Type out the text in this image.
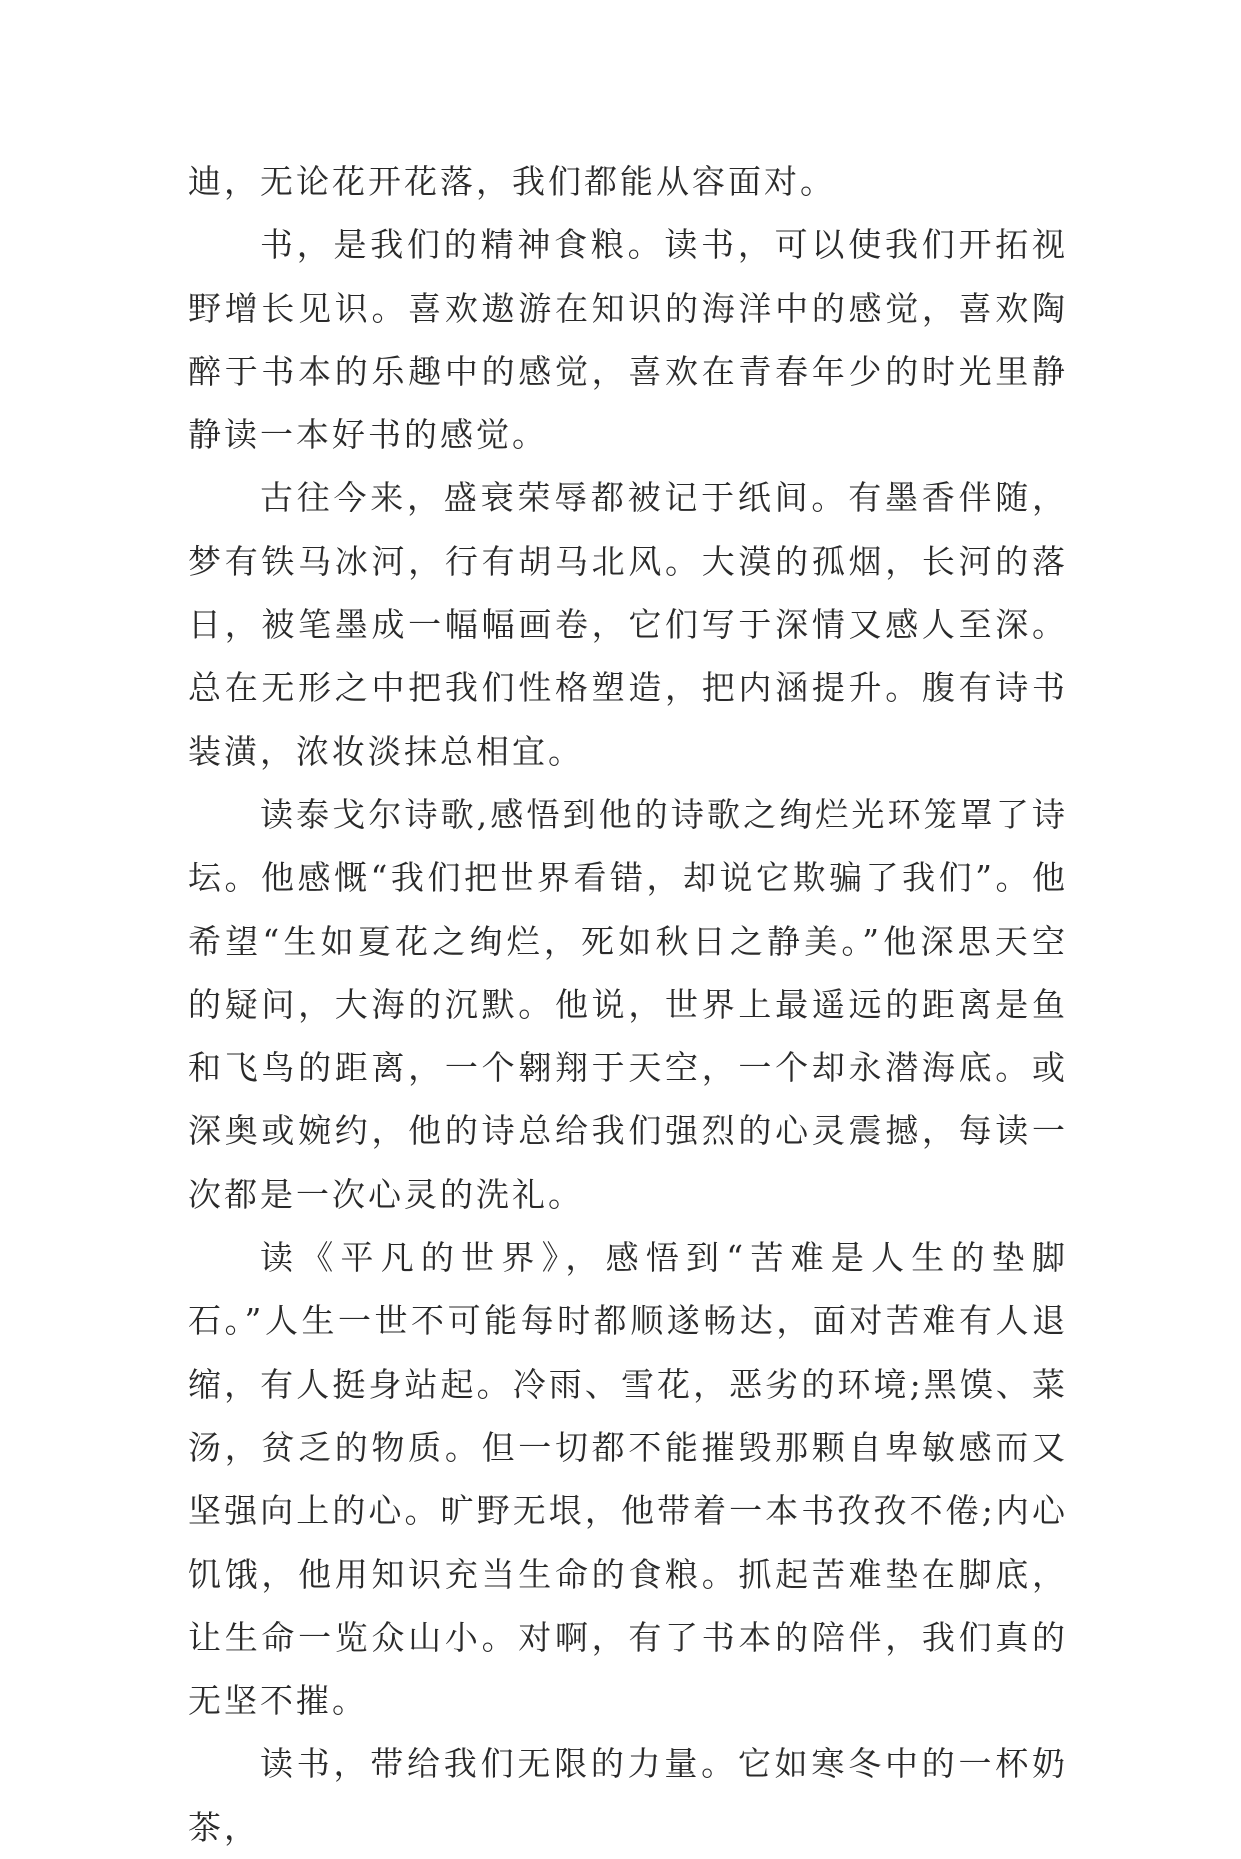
迪，无论花开花落，我们都能从容面对。

书，是我们的精神食粮。读书，可以使我们开拓视野增长见识。喜欢遨游在知识的海洋中的感觉，喜欢陶醉于书本的乐趣中的感觉，喜欢在青春年少的时光里静静读一本好书的感觉。

古往今来，盛衰荣辱都被记于纸间。有墨香伴随，梦有铁马冰河，行有胡马北风。大漠的孤烟，长河的落日，被笔墨成一幅幅画卷，它们写于深情又感人至深。总在无形之中把我们性格塑造，把内涵提升。腹有诗书装潢，浓妆淡抹总相宜。

读泰戈尔诗歌,感悟到他的诗歌之绚烂光环笼罩了诗坛。他感慨“我们把世界看错，却说它欺骗了我们”。他希望“生如夏花之绚烂，死如秋日之静美。”他深思天空的疑问，大海的沉默。他说，世界上最遥远的距离是鱼和飞鸟的距离，一个翱翔于天空，一个却永潜海底。或深奥或婉约，他的诗总给我们强烈的心灵震撼，每读一次都是一次心灵的洗礼。

读《平凡的世界》，感悟到“苦难是人生的垫脚石。”人生一世不可能每时都顺遂畅达，面对苦难有人退缩，有人挺身站起。冷雨、雪花，恶劣的环境;黑馍、菜汤，贫乏的物质。但一切都不能摧毁那颗自卑敏感而又坚强向上的心。旷野无垠，他带着一本书孜孜不倦;内心饥饿，他用知识充当生命的食粮。抓起苦难垫在脚底，让生命一览众山小。对啊，有了书本的陪伴，我们真的无坚不摧。

读书，带给我们无限的力量。它如寒冬中的一杯奶茶，
